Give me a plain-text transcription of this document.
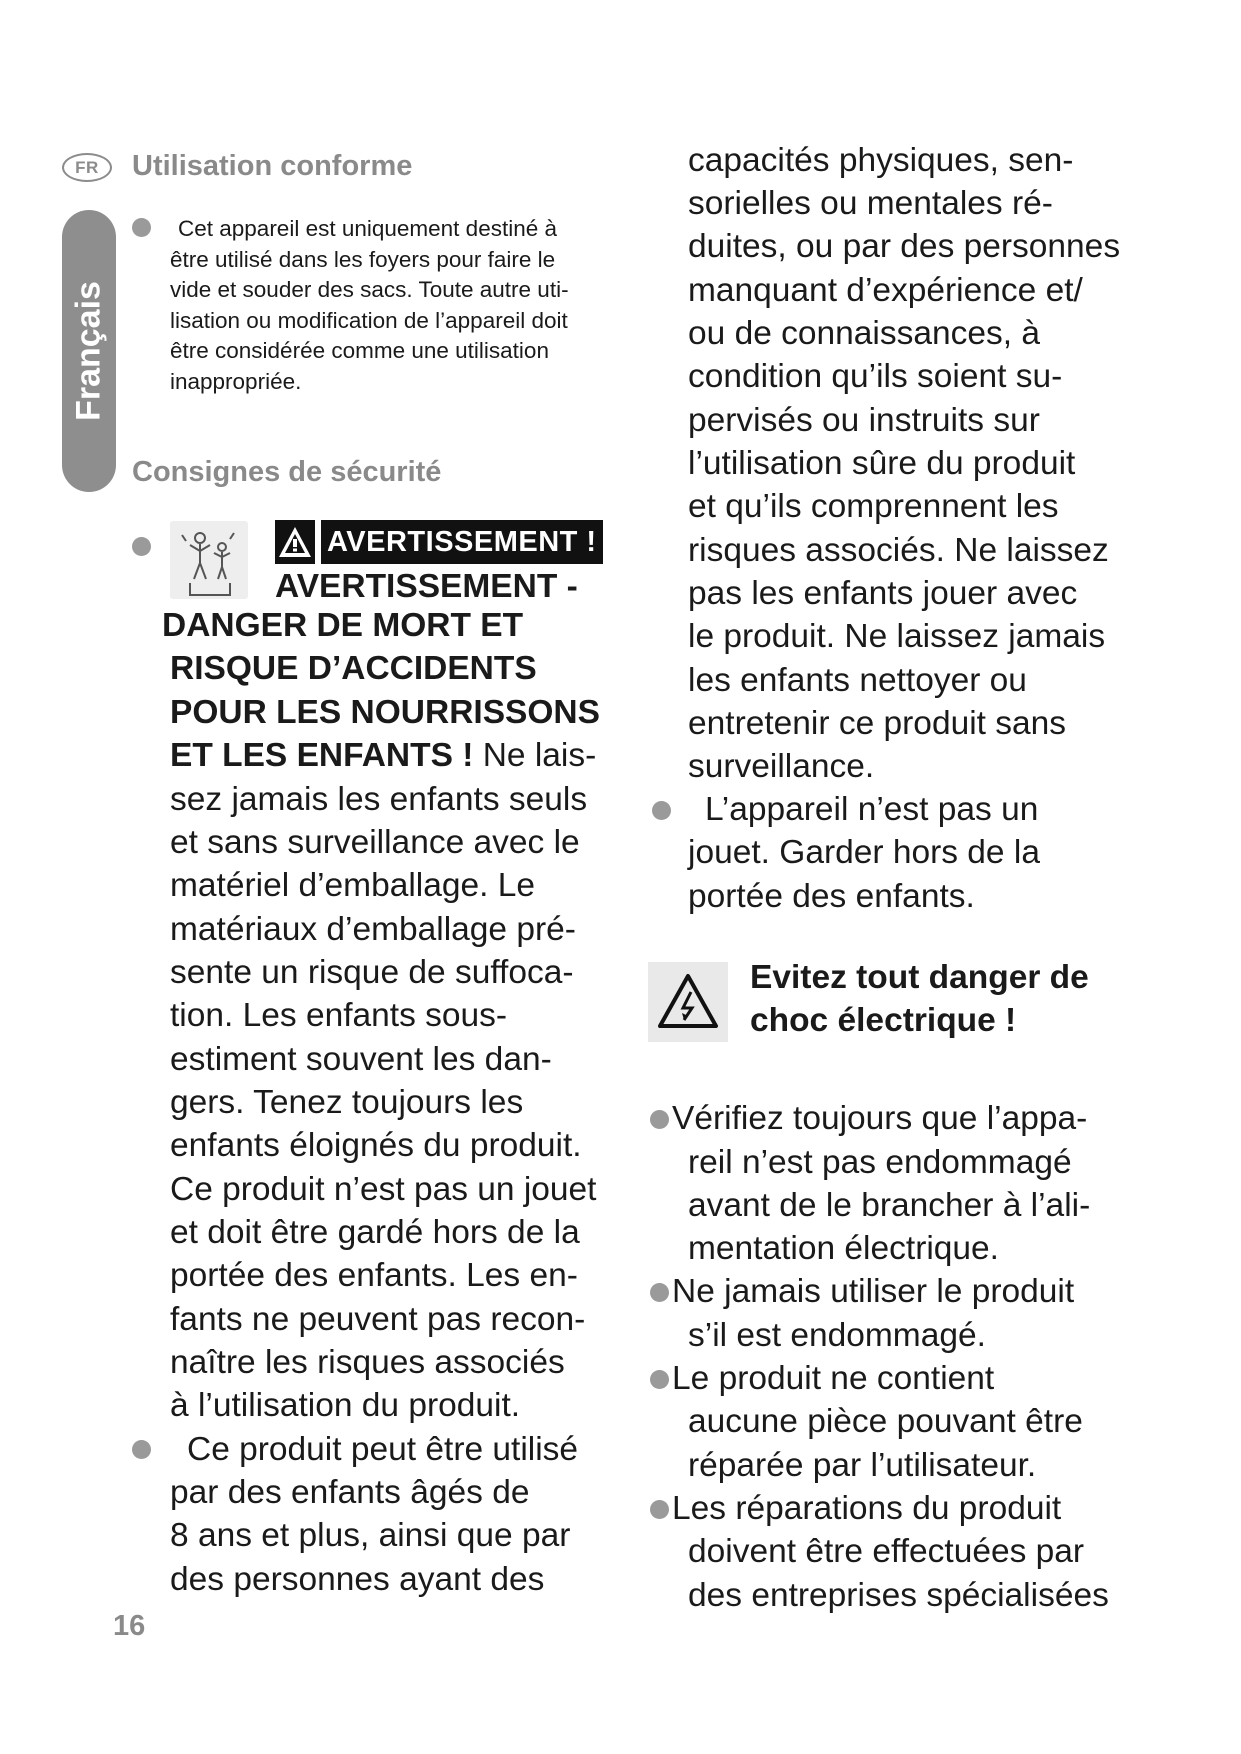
FR
Français
Utilisation conforme
Cet appareil est uniquement destiné à
être utilisé dans les foyers pour faire le
vide et souder des sacs. Toute autre uti-
lisation ou modification de l’appareil doit
être considérée comme une utilisation
inappropriée.
Consignes de sécurité
AVERTISSEMENT !
AVERTISSEMENT -
DANGER DE MORT ET
RISQUE D’ACCIDENTS
POUR LES NOURRISSONS
ET LES ENFANTS ! Ne lais-
sez jamais les enfants seuls
et sans surveillance avec le
matériel d’emballage. Le
matériaux d’emballage pré-
sente un risque de suffoca-
tion. Les enfants sous-
estiment souvent les dan-
gers. Tenez toujours les
enfants éloignés du produit.
Ce produit n’est pas un jouet
et doit être gardé hors de la
portée des enfants. Les en-
fants ne peuvent pas recon-
naître les risques associés
à l’utilisation du produit.
Ce produit peut être utilisé
par des enfants âgés de
8 ans et plus, ainsi que par
des personnes ayant des
capacités physiques, sen-
sorielles ou mentales ré-
duites, ou par des personnes
manquant d’expérience et/
ou de connaissances, à
condition qu’ils soient su-
pervisés ou instruits sur
l’utilisation sûre du produit
et qu’ils comprennent les
risques associés. Ne laissez
pas les enfants jouer avec
le produit. Ne laissez jamais
les enfants nettoyer ou
entretenir ce produit sans
surveillance.
L’appareil n’est pas un
jouet. Garder hors de la
portée des enfants.
Evitez tout danger de
choc électrique !
Vérifiez toujours que l’appa-
reil n’est pas endommagé
avant de le brancher à l’ali-
mentation électrique.
Ne jamais utiliser le produit
s’il est endommagé.
Le produit ne contient
aucune pièce pouvant être
réparée par l’utilisateur.
Les réparations du produit
doivent être effectuées par
des entreprises spécialisées
16
